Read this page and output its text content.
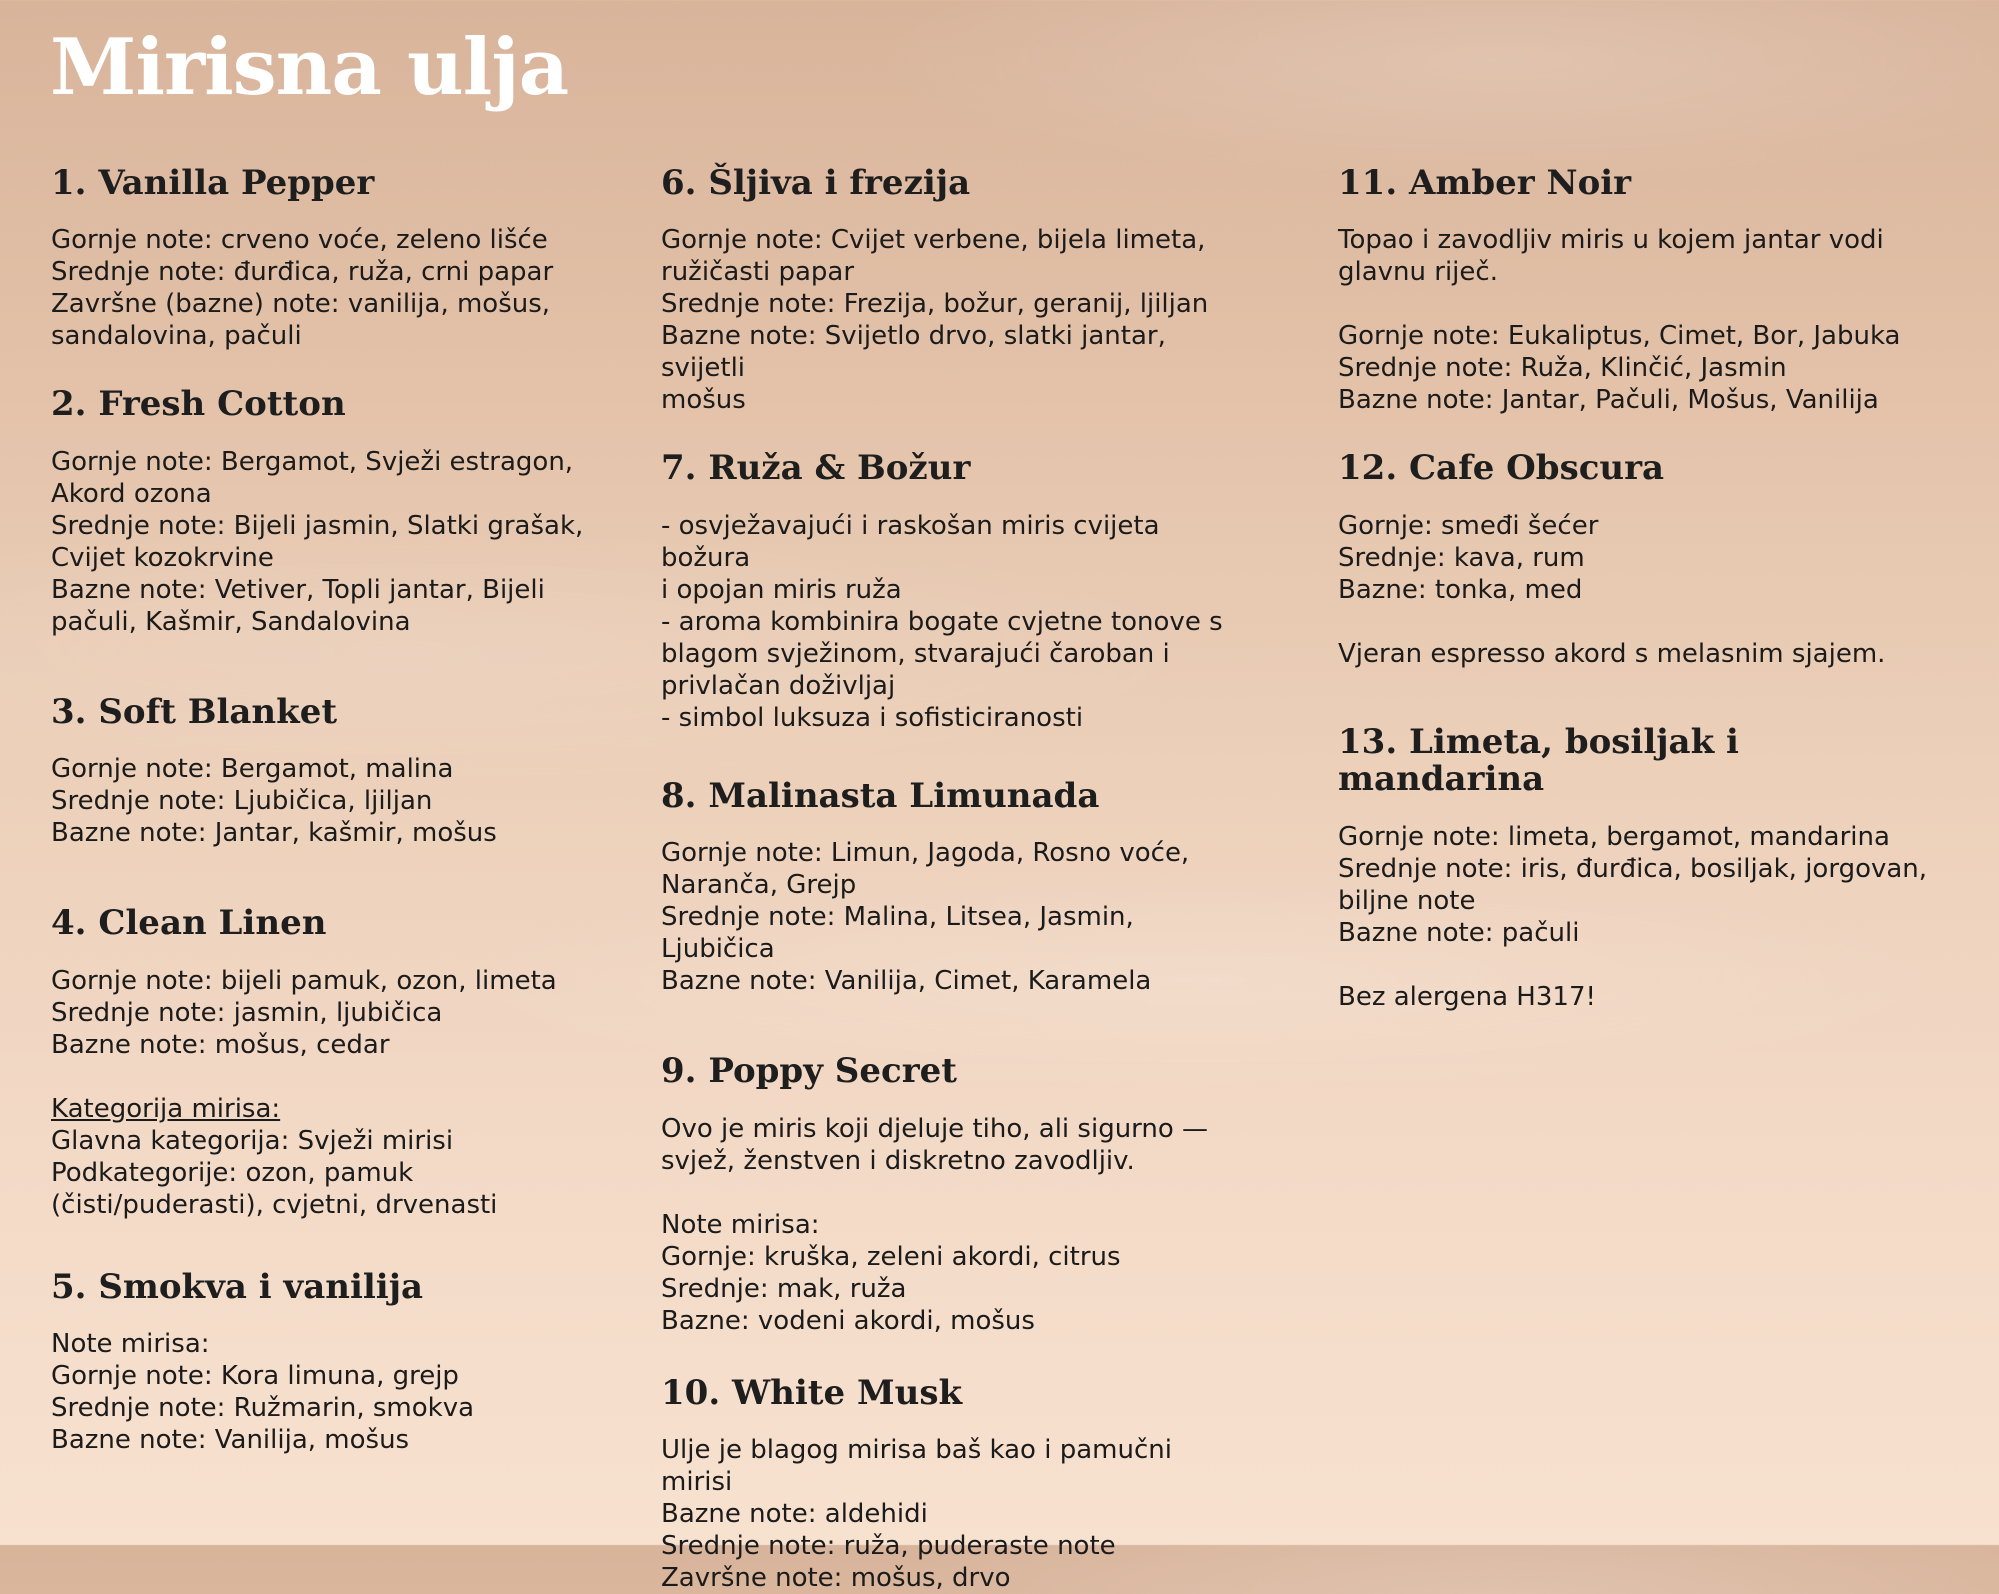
Mirisna ulja
1. Vanilla Pepper
Gornje note: crveno voće, zeleno lišće
Srednje note: đurđica, ruža, crni papar
Završne (bazne) note: vanilija, mošus,
sandalovina, pačuli
2. Fresh Cotton
Gornje note: Bergamot, Svježi estragon,
Akord ozona
Srednje note: Bijeli jasmin, Slatki grašak,
Cvijet kozokrvine
Bazne note: Vetiver, Topli jantar, Bijeli
pačuli, Kašmir, Sandalovina
3. Soft Blanket
Gornje note: Bergamot, malina
Srednje note: Ljubičica, ljiljan
Bazne note: Jantar, kašmir, mošus
4. Clean Linen
Gornje note: bijeli pamuk, ozon, limeta
Srednje note: jasmin, ljubičica
Bazne note: mošus, cedar
Kategorija mirisa:
Glavna kategorija: Svježi mirisi
Podkategorije: ozon, pamuk
(čisti/puderasti), cvjetni, drvenasti
5. Smokva i vanilija
Note mirisa:
Gornje note: Kora limuna, grejp
Srednje note: Ružmarin, smokva
Bazne note: Vanilija, mošus
6. Šljiva i frezija
Gornje note: Cvijet verbene, bijela limeta,
ružičasti papar
Srednje note: Frezija, božur, geranij, ljiljan
Bazne note: Svijetlo drvo, slatki jantar, svijetli
mošus
7. Ruža & Božur
- osvježavajući i raskošan miris cvijeta božura
i opojan miris ruža
- aroma kombinira bogate cvjetne tonove s
blagom svježinom, stvarajući čaroban i
privlačan doživljaj
- simbol luksuza i sofisticiranosti
8. Malinasta Limunada
Gornje note: Limun, Jagoda, Rosno voće,
Naranča, Grejp
Srednje note: Malina, Litsea, Jasmin, Ljubičica
Bazne note: Vanilija, Cimet, Karamela
9. Poppy Secret
Ovo je miris koji djeluje tiho, ali sigurno —
svjež, ženstven i diskretno zavodljiv.
Note mirisa:
Gornje: kruška, zeleni akordi, citrus
Srednje: mak, ruža
Bazne: vodeni akordi, mošus
10. White Musk
Ulje je blagog mirisa baš kao i pamučni mirisi
Bazne note: aldehidi
Srednje note: ruža, puderaste note
Završne note: mošus, drvo
11. Amber Noir
Topao i zavodljiv miris u kojem jantar vodi
glavnu riječ.
Gornje note: Eukaliptus, Cimet, Bor, Jabuka
Srednje note: Ruža, Klinčić, Jasmin
Bazne note: Jantar, Pačuli, Mošus, Vanilija
12. Cafe Obscura
Gornje: smeđi šećer
Srednje: kava, rum
Bazne: tonka, med
Vjeran espresso akord s melasnim sjajem.
13. Limeta, bosiljak i mandarina
Gornje note: limeta, bergamot, mandarina
Srednje note: iris, đurđica, bosiljak, jorgovan,
biljne note
Bazne note: pačuli
Bez alergena H317!
